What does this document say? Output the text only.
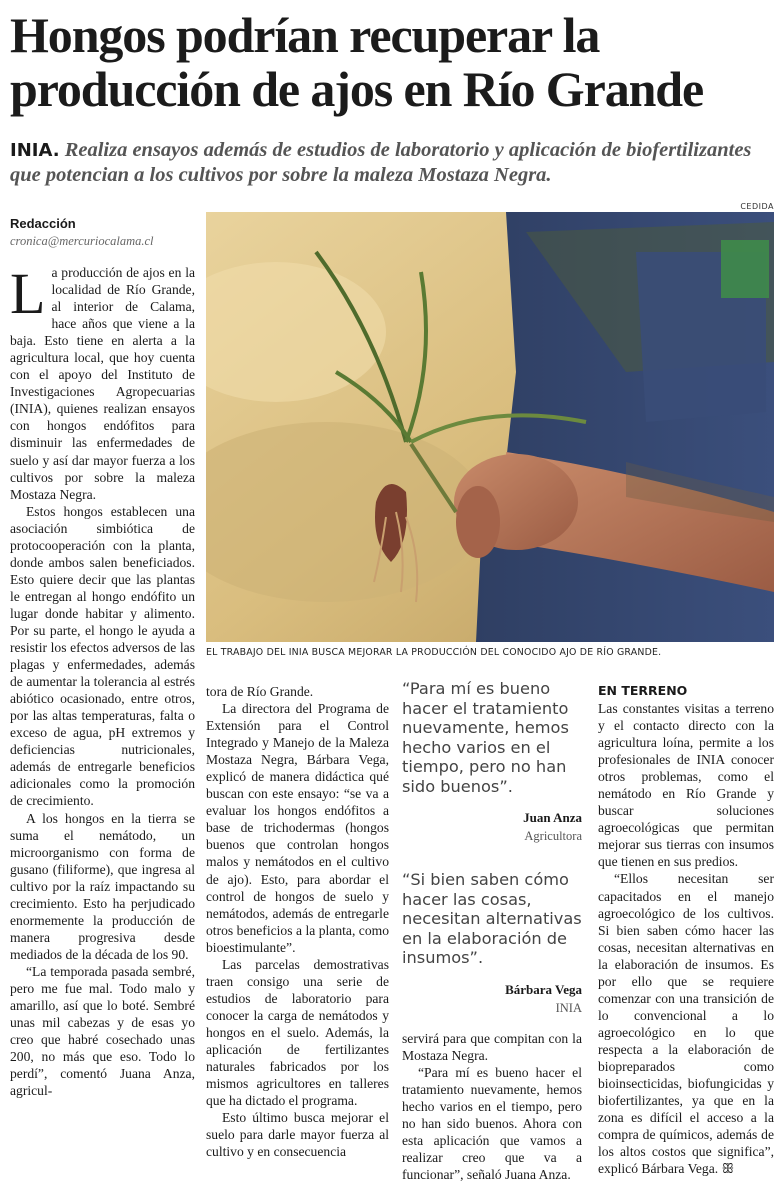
Hongos podrían recuperar la
producción de ajos en Río Grande
INIA. Realiza ensayos además de estudios de laboratorio y aplicación de biofertilizantes que potencian a los cultivos por sobre la maleza Mostaza Negra.
Redacción
cronica@mercuriocalama.cl
CEDIDA
EL TRABAJO DEL INIA BUSCA MEJORAR LA PRODUCCIÓN DEL CONOCIDO AJO DE RÍO GRANDE.

La producción de ajos en la localidad de Río Grande, al interior de Calama, hace años que viene a la baja. Esto tiene en alerta a la agricultura local, que hoy cuenta con el apoyo del Instituto de Investigaciones Agropecuarias (INIA), quienes realizan ensayos con hongos endófitos para disminuir las enfermedades de suelo y así dar mayor fuerza a los cultivos por sobre la maleza Mostaza Negra.

Estos hongos establecen una asociación simbiótica de protocooperación con la planta, donde ambos salen beneficiados. Esto quiere decir que las plantas le entregan al hongo endófito un lugar donde habitar y alimento. Por su parte, el hongo le ayuda a resistir los efectos adversos de las plagas y enfermedades, además de aumentar la tolerancia al estrés abiótico ocasionado, entre otros, por las altas temperaturas, falta o exceso de agua, pH extremos y deficiencias nutricionales, además de entregarle beneficios adicionales como la promoción de crecimiento.

A los hongos en la tierra se suma el nemátodo, un microorganismo con forma de gusano (filiforme), que ingresa al cultivo por la raíz impactando su crecimiento. Esto ha perjudicado enormemente la producción de manera progresiva desde mediados de la década de los 90.

“La temporada pasada sembré, pero me fue mal. Todo malo y amarillo, así que lo boté. Sembré unas mil cabezas y de esas yo creo que habré cosechado unas 200, no más que eso. Todo lo perdí”, comentó Juana Anza, agricul-

tora de Río Grande.

La directora del Programa de Extensión para el Control Integrado y Manejo de la Maleza Mostaza Negra, Bárbara Vega, explicó de manera didáctica qué buscan con este ensayo: “se va a evaluar los hongos endófitos a base de trichodermas (hongos buenos que controlan hongos malos y nemátodos en el cultivo de ajo). Esto, para abordar el control de hongos de suelo y nemátodos, además de entregarle otros beneficios a la planta, como bioestimulante”.

Las parcelas demostrativas traen consigo una serie de estudios de laboratorio para conocer la carga de nemátodos y hongos en el suelo. Además, la aplicación de fertilizantes naturales fabricados por los mismos agricultores en talleres que ha dictado el programa.

Esto último busca mejorar el suelo para darle mayor fuerza al cultivo y en consecuencia

“Para mí es bueno hacer el tratamiento nuevamente, hemos hecho varios en el tiempo, pero no han sido buenos”.
Juan Anza
Agricultora
“Si bien saben cómo hacer las cosas, necesitan alternativas en la elaboración de insumos”.
Bárbara Vega
INIA

servirá para que compitan con la Mostaza Negra.

“Para mí es bueno hacer el tratamiento nuevamente, hemos hecho varios en el tiempo, pero no han sido buenos. Ahora con esta aplicación que vamos a realizar creo que va a funcionar”, señaló Juana Anza.

EN TERRENO

Las constantes visitas a terreno y el contacto directo con la agricultura loína, permite a los profesionales de INIA conocer otros problemas, como el nemátodo en Río Grande y buscar soluciones agroecológicas que permitan mejorar sus tierras con insumos que tienen en sus predios.

“Ellos necesitan ser capacitados en el manejo agroecológico de los cultivos. Si bien saben cómo hacer las cosas, necesitan alternativas en la elaboración de insumos. Es por ello que se requiere comenzar con una transición de lo convencional a lo agroecológico en lo que respecta a la elaboración de biopreparados como bioinsecticidas, biofungicidas y biofertilizantes, ya que en la zona es difícil el acceso a la compra de químicos, además de los altos costos que significa”, explicó Bárbara Vega. ꕥ
